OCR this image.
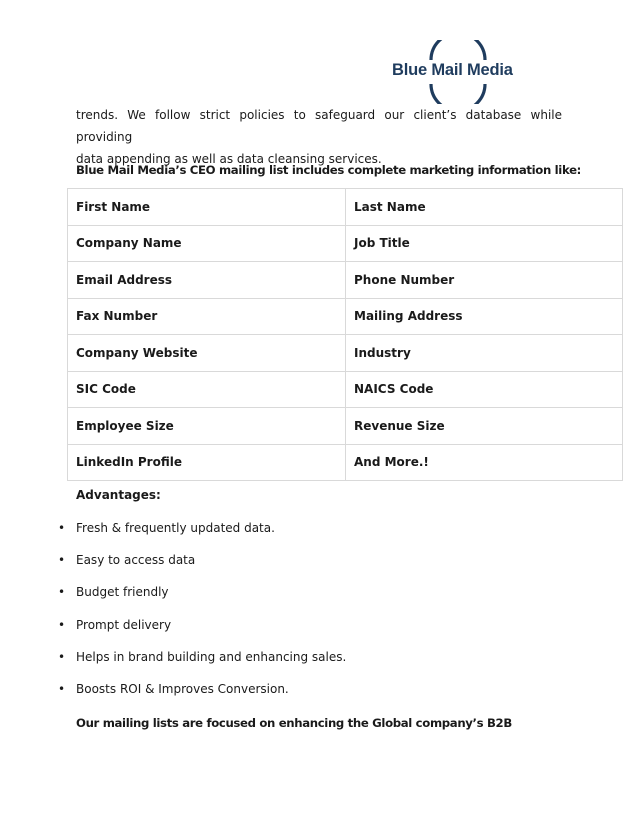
Blue Mail Media

trends. We follow strict policies to safeguard our client’s database while providing
data appending as well as data cleansing services.

Blue Mail Media’s CEO mailing list includes complete marketing information like:

First Name	Last Name
Company Name	Job Title
Email Address	Phone Number
Fax Number	Mailing Address
Company Website	Industry
SIC Code	NAICS Code
Employee Size	Revenue Size
LinkedIn Profile	And More.!
Advantages:
• Fresh & frequently updated data.
• Easy to access data
• Budget friendly
• Prompt delivery
• Helps in brand building and enhancing sales.
• Boosts ROI & Improves Conversion.

Our mailing lists are focused on enhancing the Global company’s B2B
